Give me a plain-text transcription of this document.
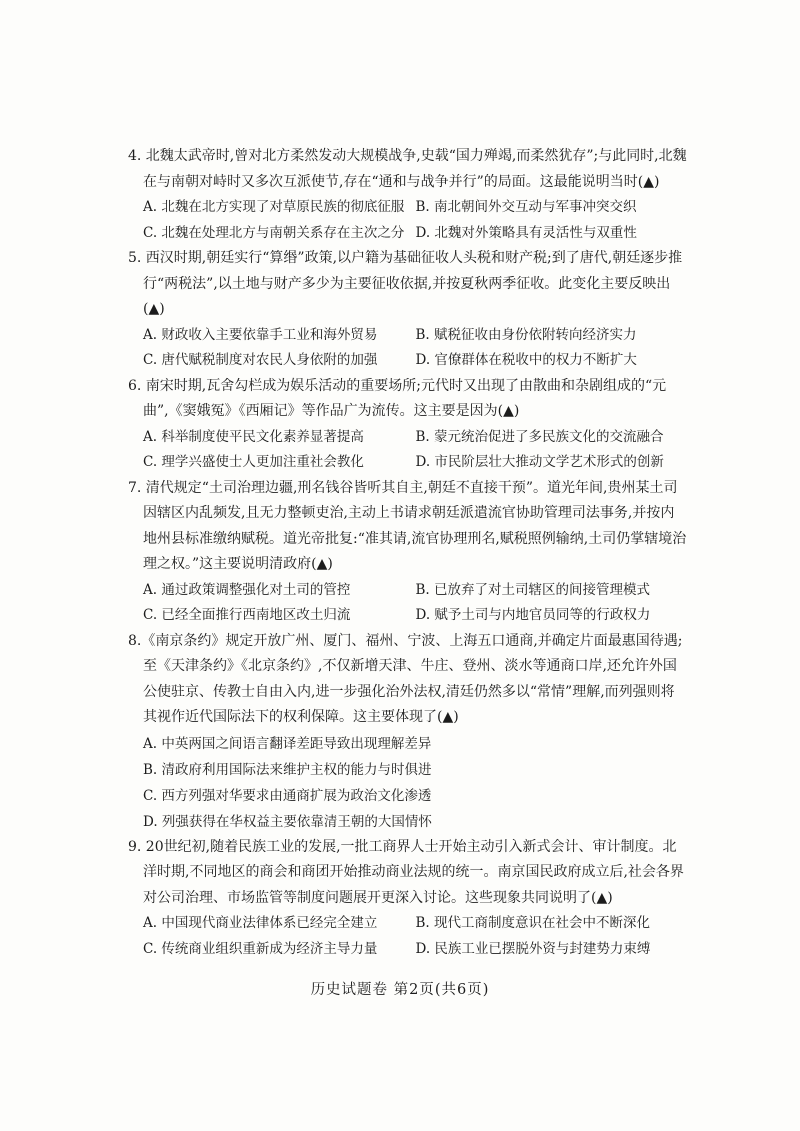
4. 北魏太武帝时,曾对北方柔然发动大规模战争,史载“国力殚竭,而柔然犹存”;与此同时,北魏在与南朝对峙时又多次互派使节,存在“通和与战争并行”的局面。这最能说明当时(▲)

A. 北魏在北方实现了对草原民族的彻底征服 B. 南北朝间外交互动与军事冲突交织
C. 北魏在处理北方与南朝关系存在主次之分 D. 北魏对外策略具有灵活性与双重性

5. 西汉时期,朝廷实行“算缗”政策,以户籍为基础征收人头税和财产税;到了唐代,朝廷逐步推行“两税法”,以土地与财产多少为主要征收依据,并按夏秋两季征收。此变化主要反映出(▲)

A. 财政收入主要依靠手工业和海外贸易	B. 赋税征收由身份依附转向经济实力
C. 唐代赋税制度对农民人身依附的加强	D. 官僚群体在税收中的权力不断扩大

6. 南宋时期,瓦舍勾栏成为娱乐活动的重要场所;元代时又出现了由散曲和杂剧组成的“元曲”,《窦娥冤》《西厢记》等作品广为流传。这主要是因为(▲)

A. 科举制度使平民文化素养显著提高	B. 蒙元统治促进了多民族文化的交流融合
C. 理学兴盛使士人更加注重社会教化	D. 市民阶层壮大推动文学艺术形式的创新

7. 清代规定“土司治理边疆,刑名钱谷皆听其自主,朝廷不直接干预”。道光年间,贵州某土司因辖区内乱频发,且无力整顿吏治,主动上书请求朝廷派遣流官协助管理司法事务,并按内地州县标准缴纳赋税。道光帝批复:“准其请,流官协理刑名,赋税照例输纳,土司仍掌辖境治理之权。”这主要说明清政府(▲)

A. 通过政策调整强化对土司的管控	B. 已放弃了对土司辖区的间接管理模式
C. 已经全面推行西南地区改土归流	D. 赋予土司与内地官员同等的行政权力

8.《南京条约》规定开放广州、厦门、福州、宁波、上海五口通商,并确定片面最惠国待遇;至《天津条约》《北京条约》,不仅新增天津、牛庄、登州、淡水等通商口岸,还允许外国公使驻京、传教士自由入内,进一步强化治外法权,清廷仍然多以“常情”理解,而列强则将其视作近代国际法下的权利保障。这主要体现了(▲)

A. 中英两国之间语言翻译差距导致出现理解差异
B. 清政府利用国际法来维护主权的能力与时俱进
C. 西方列强对华要求由通商扩展为政治文化渗透
D. 列强获得在华权益主要依靠清王朝的大国情怀

9. 20世纪初,随着民族工业的发展,一批工商界人士开始主动引入新式会计、审计制度。北洋时期,不同地区的商会和商团开始推动商业法规的统一。南京国民政府成立后,社会各界对公司治理、市场监管等制度问题展开更深入讨论。这些现象共同说明了(▲)

A. 中国现代商业法律体系已经完全建立	B. 现代工商制度意识在社会中不断深化
C. 传统商业组织重新成为经济主导力量	D. 民族工业已摆脱外资与封建势力束缚
历史试题卷 第2页(共6页)
